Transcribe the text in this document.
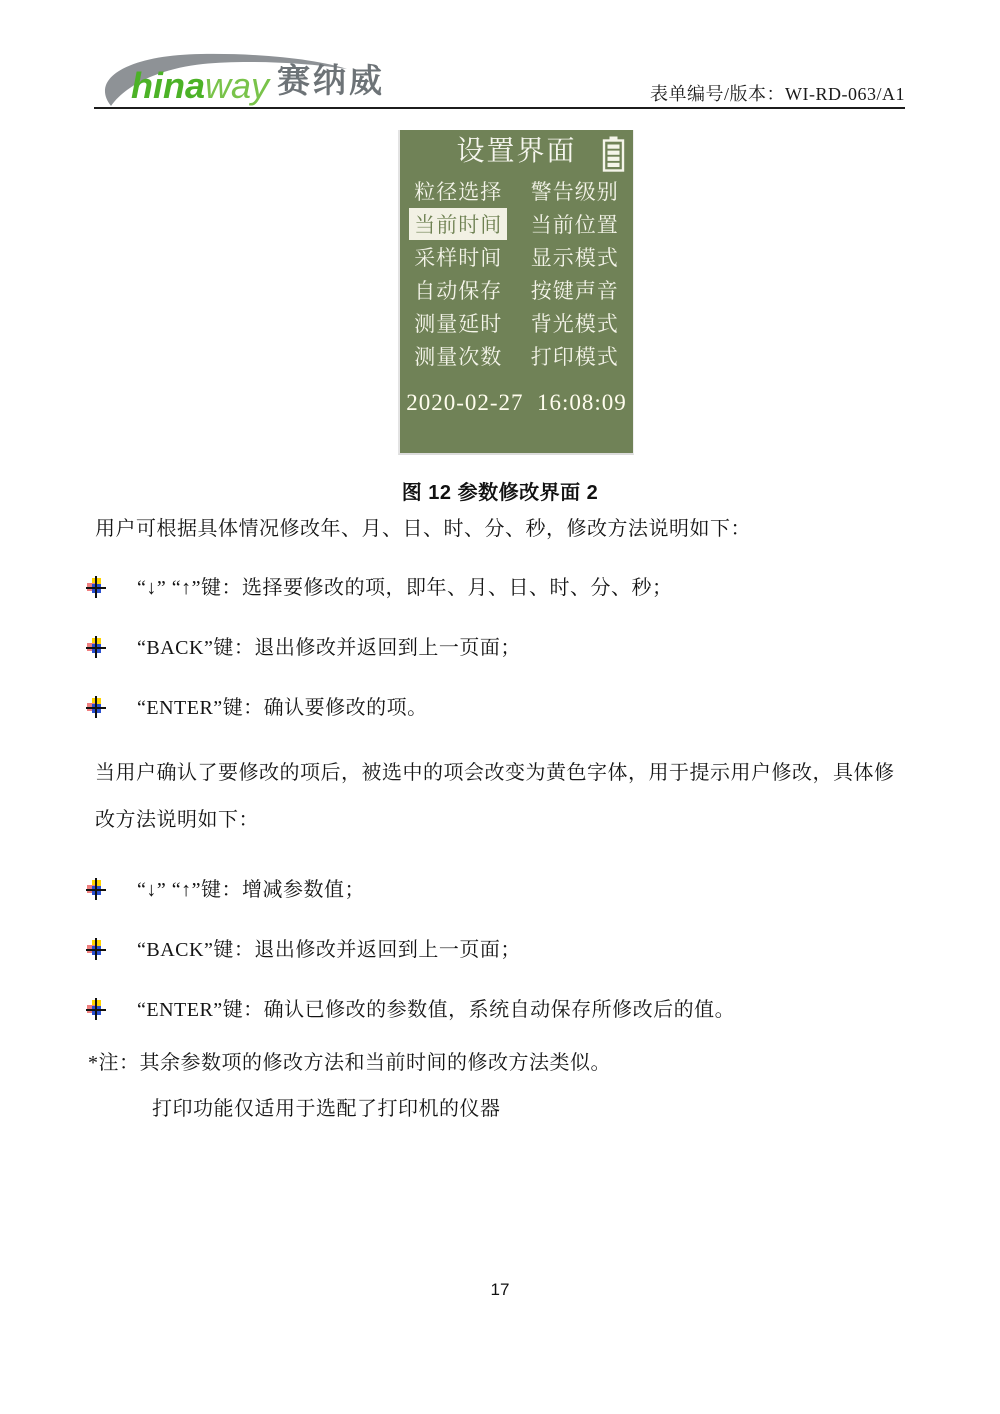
hinaway 赛纳威	表单编号/版本：WI-RD-063/A1
设置界面
粒径选择	警告级别
当前时间	当前位置
采样时间	显示模式
自动保存	按键声音
测量延时	背光模式
测量次数	打印模式
2020-02-27  16:08:09
图 12 参数修改界面 2
用户可根据具体情况修改年、月、日、时、分、秒，修改方法说明如下：
“↓” “↑”键：选择要修改的项，即年、月、日、时、分、秒；
“BACK”键：退出修改并返回到上一页面；
“ENTER”键：确认要修改的项。
当用户确认了要修改的项后，被选中的项会改变为黄色字体，用于提示用户修改，具体修改方法说明如下：
“↓” “↑”键：增减参数值；
“BACK”键：退出修改并返回到上一页面；
“ENTER”键：确认已修改的参数值，系统自动保存所修改后的值。
*注：其余参数项的修改方法和当前时间的修改方法类似。
打印功能仅适用于选配了打印机的仪器
17
